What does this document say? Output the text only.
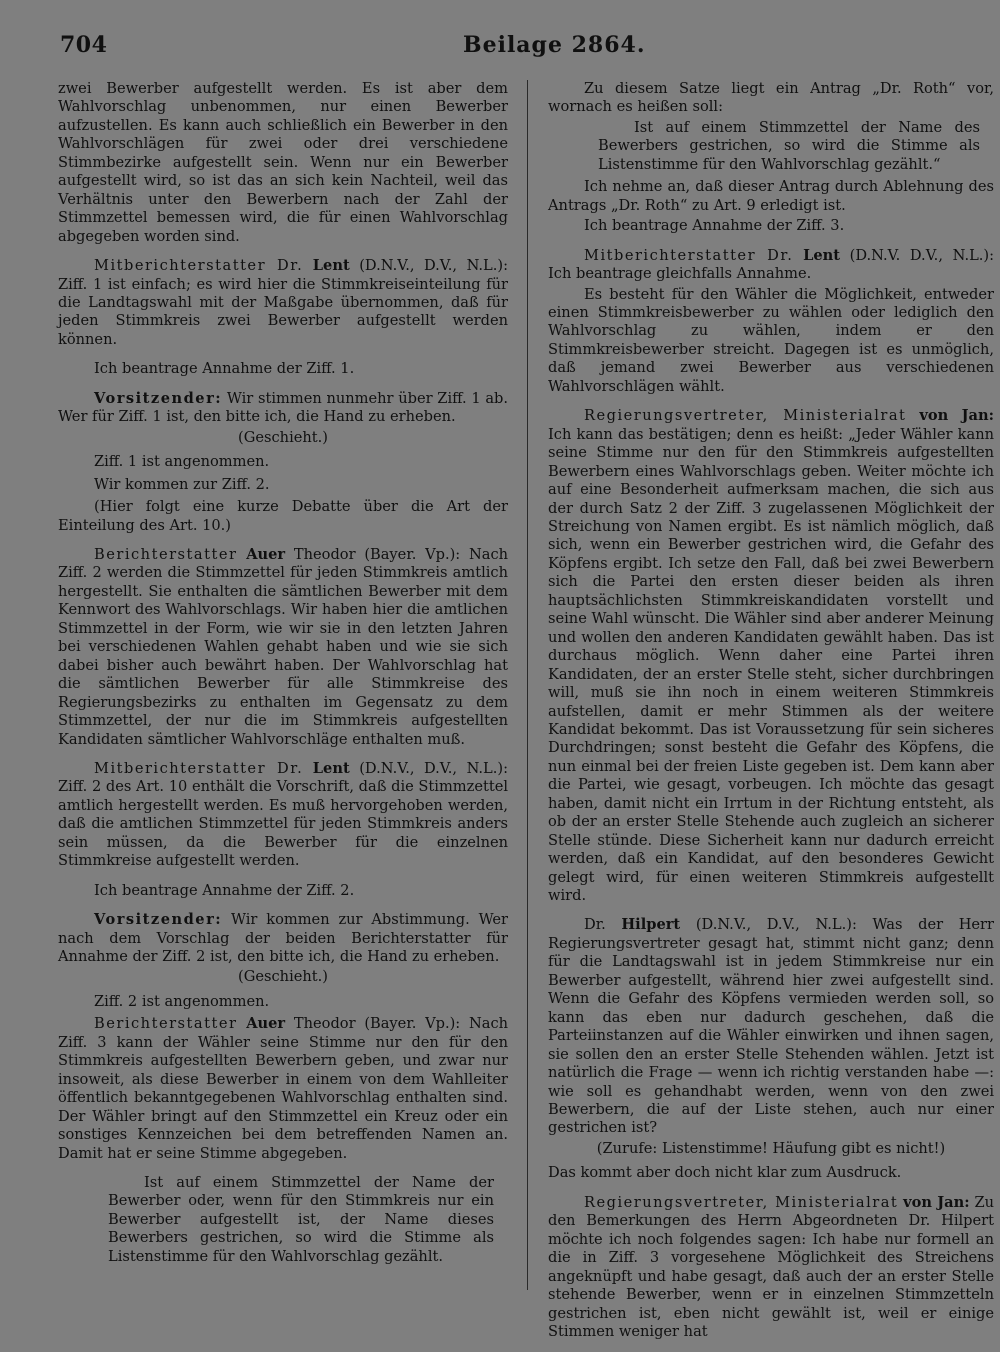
704	Beilage 2864.

zwei Bewerber aufgestellt werden. Es ist aber dem Wahlvorschlag unbenommen, nur einen Bewerber aufzustellen. Es kann auch schließlich ein Bewerber in den Wahlvorschlägen für zwei oder drei verschiedene Stimmbezirke aufgestellt sein. Wenn nur ein Bewerber aufgestellt wird, so ist das an sich kein Nachteil, weil das Verhältnis unter den Bewerbern nach der Zahl der Stimmzettel bemessen wird, die für einen Wahlvorschlag abgegeben worden sind.

Mitberichterstatter Dr. Lent (D.N.V., D.V., N.L.): Ziff. 1 ist einfach; es wird hier die Stimmkreiseinteilung für die Landtagswahl mit der Maßgabe übernommen, daß für jeden Stimmkreis zwei Bewerber aufgestellt werden können.

Ich beantrage Annahme der Ziff. 1.

Vorsitzender: Wir stimmen nunmehr über Ziff. 1 ab. Wer für Ziff. 1 ist, den bitte ich, die Hand zu erheben.

(Geschieht.)

Ziff. 1 ist angenommen.

Wir kommen zur Ziff. 2.

(Hier folgt eine kurze Debatte über die Art der Einteilung des Art. 10.)

Berichterstatter Auer Theodor (Bayer. Vp.): Nach Ziff. 2 werden die Stimmzettel für jeden Stimmkreis amtlich hergestellt. Sie enthalten die sämtlichen Bewerber mit dem Kennwort des Wahlvorschlags. Wir haben hier die amtlichen Stimmzettel in der Form, wie wir sie in den letzten Jahren bei verschiedenen Wahlen gehabt haben und wie sie sich dabei bisher auch bewährt haben. Der Wahlvorschlag hat die sämtlichen Bewerber für alle Stimmkreise des Regierungsbezirks zu enthalten im Gegensatz zu dem Stimmzettel, der nur die im Stimmkreis aufgestellten Kandidaten sämtlicher Wahlvorschläge enthalten muß.

Mitberichterstatter Dr. Lent (D.N.V., D.V., N.L.): Ziff. 2 des Art. 10 enthält die Vorschrift, daß die Stimmzettel amtlich hergestellt werden. Es muß hervorgehoben werden, daß die amtlichen Stimmzettel für jeden Stimmkreis anders sein müssen, da die Bewerber für die einzelnen Stimmkreise aufgestellt werden.

Ich beantrage Annahme der Ziff. 2.

Vorsitzender: Wir kommen zur Abstimmung. Wer nach dem Vorschlag der beiden Berichterstatter für Annahme der Ziff. 2 ist, den bitte ich, die Hand zu erheben.

(Geschieht.)

Ziff. 2 ist angenommen.

Berichterstatter Auer Theodor (Bayer. Vp.): Nach Ziff. 3 kann der Wähler seine Stimme nur den für den Stimmkreis aufgestellten Bewerbern geben, und zwar nur insoweit, als diese Bewerber in einem von dem Wahlleiter öffentlich bekanntgegebenen Wahlvorschlag enthalten sind. Der Wähler bringt auf den Stimmzettel ein Kreuz oder ein sonstiges Kennzeichen bei dem betreffenden Namen an. Damit hat er seine Stimme abgegeben.

Ist auf einem Stimmzettel der Name der Bewerber oder, wenn für den Stimmkreis nur ein Bewerber aufgestellt ist, der Name dieses Bewerbers gestrichen, so wird die Stimme als Listenstimme für den Wahlvorschlag gezählt.

Zu diesem Satze liegt ein Antrag „Dr. Roth“ vor, wornach es heißen soll:

Ist auf einem Stimmzettel der Name des Bewerbers gestrichen, so wird die Stimme als Listenstimme für den Wahlvorschlag gezählt.“

Ich nehme an, daß dieser Antrag durch Ablehnung des Antrags „Dr. Roth“ zu Art. 9 erledigt ist.

Ich beantrage Annahme der Ziff. 3.

Mitberichterstatter Dr. Lent (D.N.V. D.V., N.L.): Ich beantrage gleichfalls Annahme.

Es besteht für den Wähler die Möglichkeit, entweder einen Stimmkreisbewerber zu wählen oder lediglich den Wahlvorschlag zu wählen, indem er den Stimmkreisbewerber streicht. Dagegen ist es unmöglich, daß jemand zwei Bewerber aus verschiedenen Wahlvorschlägen wählt.

Regierungsvertreter, Ministerialrat von Jan: Ich kann das bestätigen; denn es heißt: „Jeder Wähler kann seine Stimme nur den für den Stimmkreis aufgestellten Bewerbern eines Wahlvorschlags geben. Weiter möchte ich auf eine Besonderheit aufmerksam machen, die sich aus der durch Satz 2 der Ziff. 3 zugelassenen Möglichkeit der Streichung von Namen ergibt. Es ist nämlich möglich, daß sich, wenn ein Bewerber gestrichen wird, die Gefahr des Köpfens ergibt. Ich setze den Fall, daß bei zwei Bewerbern sich die Partei den ersten dieser beiden als ihren hauptsächlichsten Stimmkreiskandidaten vorstellt und seine Wahl wünscht. Die Wähler sind aber anderer Meinung und wollen den anderen Kandidaten gewählt haben. Das ist durchaus möglich. Wenn daher eine Partei ihren Kandidaten, der an erster Stelle steht, sicher durchbringen will, muß sie ihn noch in einem weiteren Stimmkreis aufstellen, damit er mehr Stimmen als der weitere Kandidat bekommt. Das ist Voraussetzung für sein sicheres Durchdringen; sonst besteht die Gefahr des Köpfens, die nun einmal bei der freien Liste gegeben ist. Dem kann aber die Partei, wie gesagt, vorbeugen. Ich möchte das gesagt haben, damit nicht ein Irrtum in der Richtung entsteht, als ob der an erster Stelle Stehende auch zugleich an sicherer Stelle stünde. Diese Sicherheit kann nur dadurch erreicht werden, daß ein Kandidat, auf den besonderes Gewicht gelegt wird, für einen weiteren Stimmkreis aufgestellt wird.

Dr. Hilpert (D.N.V., D.V., N.L.): Was der Herr Regierungsvertreter gesagt hat, stimmt nicht ganz; denn für die Landtagswahl ist in jedem Stimmkreise nur ein Bewerber aufgestellt, während hier zwei aufgestellt sind. Wenn die Gefahr des Köpfens vermieden werden soll, so kann das eben nur dadurch geschehen, daß die Parteiinstanzen auf die Wähler einwirken und ihnen sagen, sie sollen den an erster Stelle Stehenden wählen. Jetzt ist natürlich die Frage — wenn ich richtig verstanden habe —: wie soll es gehandhabt werden, wenn von den zwei Bewerbern, die auf der Liste stehen, auch nur einer gestrichen ist?

(Zurufe: Listenstimme! Häufung gibt es nicht!)

Das kommt aber doch nicht klar zum Ausdruck.

Regierungsvertreter, Ministerialrat von Jan: Zu den Bemerkungen des Herrn Abgeordneten Dr. Hilpert möchte ich noch folgendes sagen: Ich habe nur formell an die in Ziff. 3 vorgesehene Möglichkeit des Streichens angeknüpft und habe gesagt, daß auch der an erster Stelle stehende Bewerber, wenn er in einzelnen Stimmzetteln gestrichen ist, eben nicht gewählt ist, weil er einige Stimmen weniger hat
